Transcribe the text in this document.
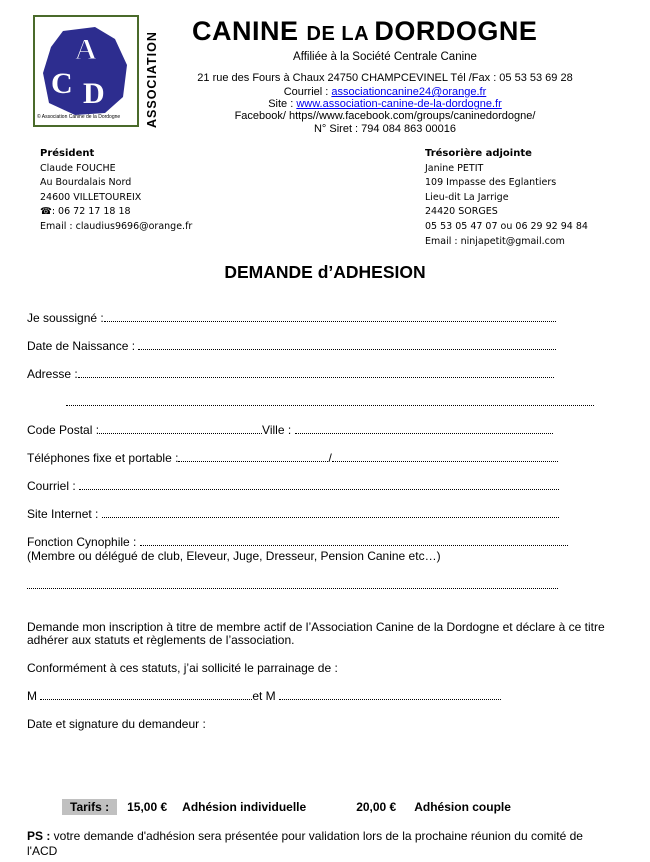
A
C D
© Association Canine de la Dordogne ASSOCIATION
CANINE DE LA DORDOGNE
Affiliée à la Société Centrale Canine
21 rue des Fours à Chaux 24750 CHAMPCEVINEL Tél /Fax : 05 53 53 69 28
Courriel : associationcanine24@orange.fr
Site : www.association-canine-de-la-dordogne.fr
Facebook/ https//www.facebook.com/groups/caninedordogne/
N° Siret : 794 084 863 00016
Président
Claude FOUCHE
Au Bourdalais Nord
24600 VILLETOUREIX
☎: 06 72 17 18 18
Email : claudius9696@orange.fr
Trésorière adjointe
Janine PETIT
109 Impasse des Eglantiers
Lieu-dit La Jarrige
24420 SORGES
05 53 05 47 07 ou 06 29 92 94 84
Email : ninjapetit@gmail.com
DEMANDE d’ADHESION
Je soussigné :
Date de Naissance :
Adresse :
Code Postal :	Ville :
Téléphones fixe et portable :	/
Courriel :
Site Internet :
Fonction Cynophile :
(Membre ou délégué de club, Eleveur, Juge, Dresseur, Pension Canine etc…)
Demande mon inscription à titre de membre actif de l’Association Canine de la Dordogne et déclare à ce titre
adhérer aux statuts et règlements de l’association.
Conformément à ces statuts, j’ai sollicité le parrainage de :
M	et M
Date et signature du demandeur :
Tarifs : 15,00 € Adhésion individuelle	20,00 € Adhésion couple
PS : votre demande d'adhésion sera présentée pour validation lors de la prochaine réunion du comité de
l'ACD
